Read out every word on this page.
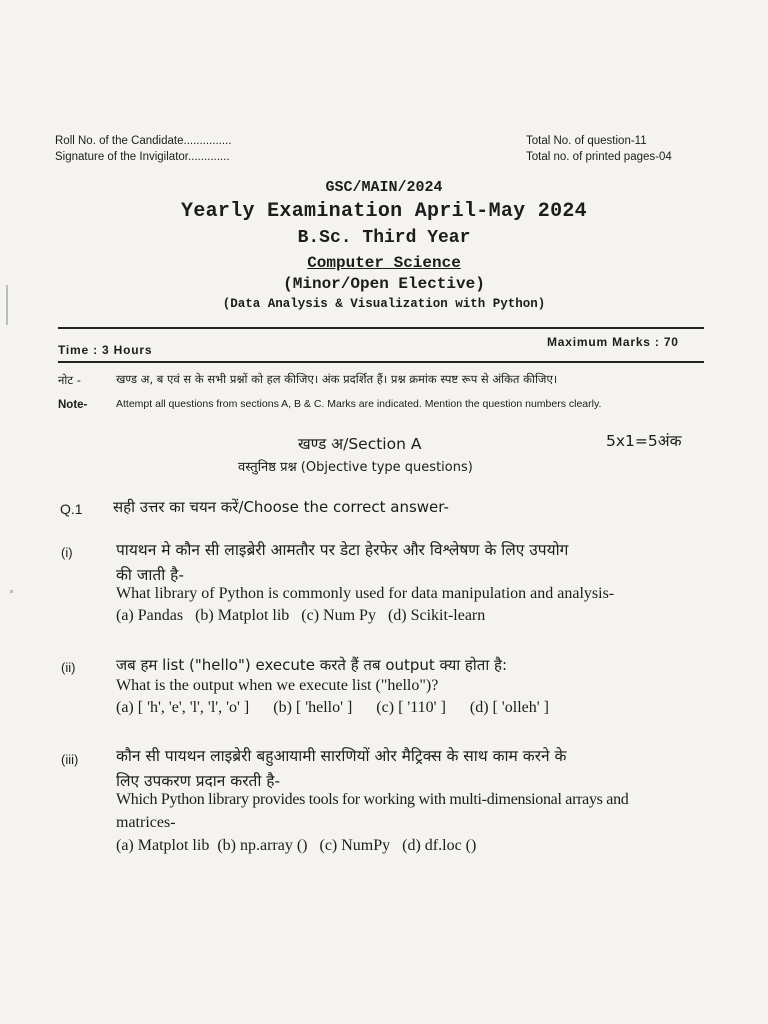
Roll No. of the Candidate...............
Signature of the Invigilator.............
Total No. of question-11
Total no. of printed pages-04
GSC/MAIN/2024
Yearly Examination April-May 2024
B.Sc. Third Year
Computer Science
(Minor/Open Elective)
(Data Analysis & Visualization with Python)
Time : 3 Hours
Maximum Marks : 70
नोट -	खण्ड अ, ब एवं स के सभी प्रश्नों को हल कीजिए। अंक प्रदर्शित हैं। प्रश्न क्रमांक स्पष्ट रूप से अंकित कीजिए।
Note-	Attempt all questions from sections A, B & C. Marks are indicated. Mention the question numbers clearly.
खण्ड अ/Section A	5x1=5अंक
वस्तुनिष्ठ प्रश्न (Objective type questions)
Q.1 सही उत्तर का चयन करें/Choose the correct answer-
(i)	पायथन मे कौन सी लाइब्रेरी आमतौर पर डेटा हेरफेर और विश्लेषण के लिए उपयोग
की जाती है-
What library of Python is commonly used for data manipulation and analysis-
(a) Pandas   (b) Matplot lib   (c) Num Py   (d) Scikit-learn
(ii)	जब हम list ("hello") execute करते हैं तब output क्या होता है:
What is the output when we execute list ("hello")?
(a) [ 'h', 'e', 'l', 'l', 'o' ]      (b) [ 'hello' ]      (c) [ '110' ]      (d) [ 'olleh' ]
(iii) कौन सी पायथन लाइब्रेरी बहुआयामी सारणियों ओर मैट्रिक्स के साथ काम करने के
लिए उपकरण प्रदान करती है-
Which Python library provides tools for working with multi-dimensional arrays and
matrices-
(a) Matplot lib  (b) np.array ()   (c) NumPy   (d) df.loc ()
